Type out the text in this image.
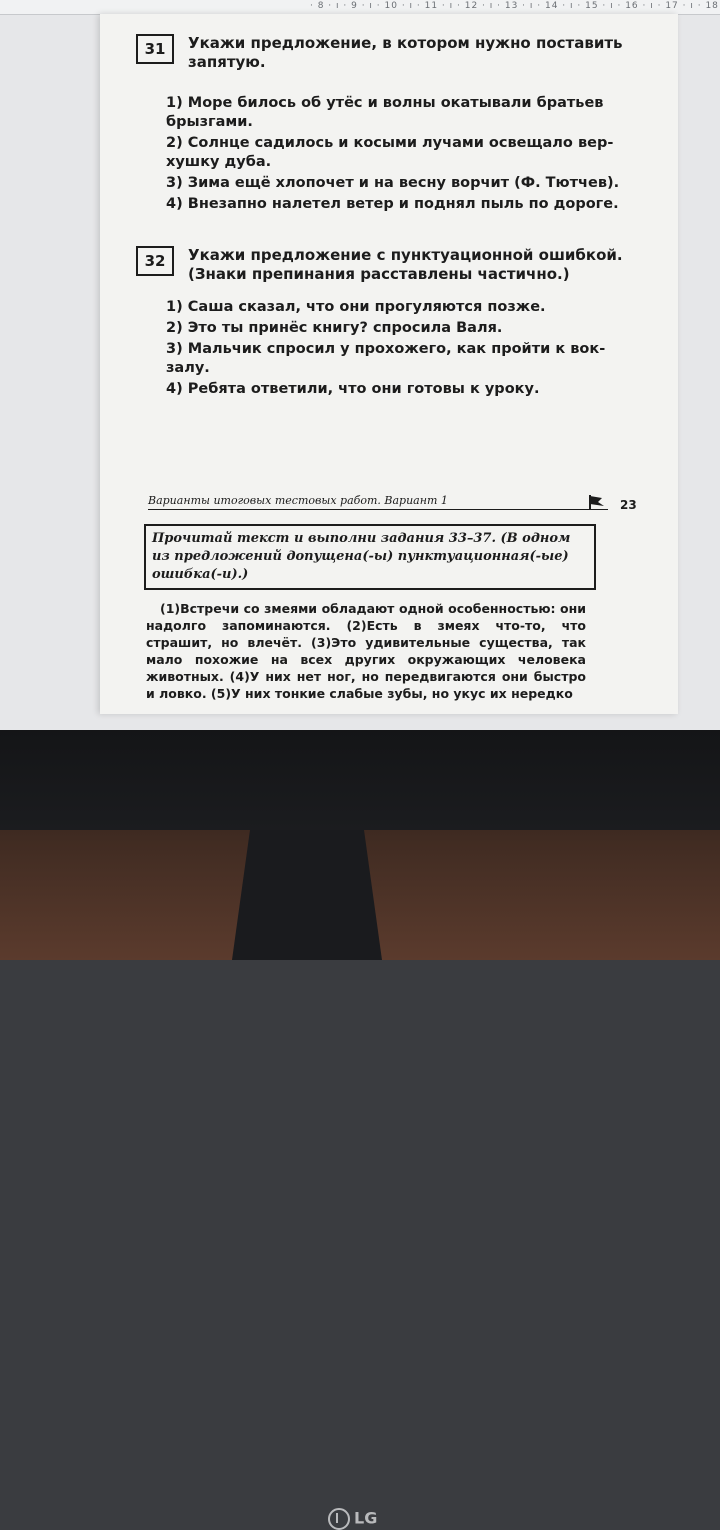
· 8 · ı · 9 · ı · 10 · ı · 11 · ı · 12 · ı · 13 · ı · 14 · ı · 15 · ı · 16 · ı · 17 · ı · 18
31	Укажи предложение, в котором нужно поставить
запятую.
1) Море билось об утёс и волны окатывали братьев
брызгами.
2) Солнце садилось и косыми лучами освещало вер-
хушку дуба.
3) Зима ещё хлопочет и на весну ворчит (Ф. Тютчев).
4) Внезапно налетел ветер и поднял пыль по дороге.
32	Укажи предложение с пунктуационной ошибкой.
(Знаки препинания расставлены частично.)
1) Саша сказал, что они прогуляются позже.
2) Это ты принёс книгу? спросила Валя.
3) Мальчик спросил у прохожего, как пройти к вок-
залу.
4) Ребята ответили, что они готовы к уроку.
Варианты итоговых тестовых работ. Вариант 1	23
Прочитай текст и выполни задания 33–37. (В одном из предложений допущена(-ы) пунктуационная(-ые) ошибка(-и).)

(1)Встречи со змеями обладают одной особенностью: они надолго запоминаются. (2)Есть в змеях что-то, что страшит, но влечёт. (3)Это удивительные существа, так мало похожие на всех других окружающих человека животных. (4)У них нет ног, но передвигаются они быстро и ловко. (5)У них тонкие слабые зубы, но укус их нередко

LG
